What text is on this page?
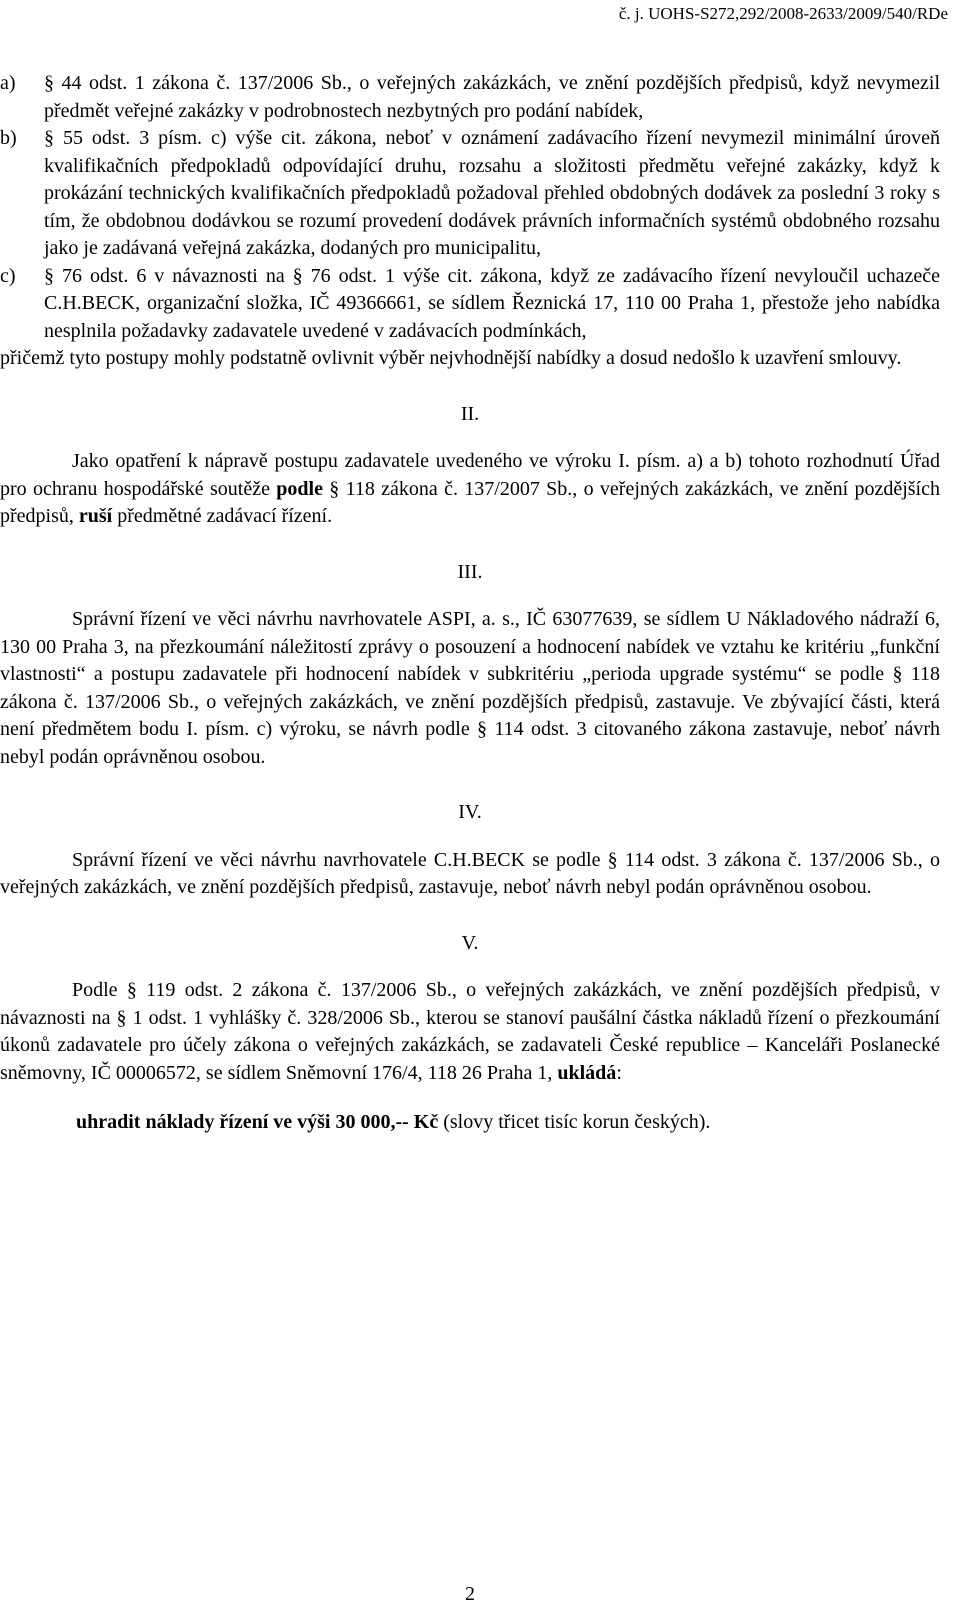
č. j. UOHS-S272,292/2008-2633/2009/540/RDe
a) § 44 odst. 1 zákona č. 137/2006 Sb., o veřejných zakázkách, ve znění pozdějších předpisů, když nevymezil předmět veřejné zakázky v podrobnostech nezbytných pro podání nabídek,
b) § 55 odst. 3 písm. c) výše cit. zákona, neboť v oznámení zadávacího řízení nevymezil minimální úroveň kvalifikačních předpokladů odpovídající druhu, rozsahu a složitosti předmětu veřejné zakázky, když k prokázání technických kvalifikačních předpokladů požadoval přehled obdobných dodávek za poslední 3 roky s tím, že obdobnou dodávkou se rozumí provedení dodávek právních informačních systémů obdobného rozsahu jako je zadávaná veřejná zakázka, dodaných pro municipalitu,
c) § 76 odst. 6 v návaznosti na § 76 odst. 1 výše cit. zákona, když ze zadávacího řízení nevyloučil uchazeče C.H.BECK, organizační složka, IČ 49366661, se sídlem Řeznická 17, 110 00 Praha 1, přestože jeho nabídka nesplnila požadavky zadavatele uvedené v zadávacích podmínkách,
přičemž tyto postupy mohly podstatně ovlivnit výběr nejvhodnější nabídky a dosud nedošlo k uzavření smlouvy.
II.
Jako opatření k nápravě postupu zadavatele uvedeného ve výroku I. písm. a) a b) tohoto rozhodnutí Úřad pro ochranu hospodářské soutěže podle § 118 zákona č. 137/2007 Sb., o veřejných zakázkách, ve znění pozdějších předpisů, ruší předmětné zadávací řízení.
III.
Správní řízení ve věci návrhu navrhovatele ASPI, a. s., IČ 63077639, se sídlem U Nákladového nádraží 6, 130 00 Praha 3, na přezkoumání náležitostí zprávy o posouzení a hodnocení nabídek ve vztahu ke kritériu „funkční vlastnosti“ a postupu zadavatele při hodnocení nabídek v subkritériu „perioda upgrade systému“ se podle § 118 zákona č. 137/2006 Sb., o veřejných zakázkách, ve znění pozdějších předpisů, zastavuje. Ve zbývající části, která není předmětem bodu I. písm. c) výroku, se návrh podle § 114 odst. 3 citovaného zákona zastavuje, neboť návrh nebyl podán oprávněnou osobou.
IV.
Správní řízení ve věci návrhu navrhovatele C.H.BECK se podle § 114 odst. 3 zákona č. 137/2006 Sb., o veřejných zakázkách, ve znění pozdějších předpisů, zastavuje, neboť návrh nebyl podán oprávněnou osobou.
V.
Podle § 119 odst. 2 zákona č. 137/2006 Sb., o veřejných zakázkách, ve znění pozdějších předpisů, v návaznosti na § 1 odst. 1 vyhlášky č. 328/2006 Sb., kterou se stanoví paušální částka nákladů řízení o přezkoumání úkonů zadavatele pro účely zákona o veřejných zakázkách, se zadavateli České republice – Kanceláři Poslanecké sněmovny, IČ 00006572, se sídlem Sněmovní 176/4, 118 26 Praha 1, ukládá:
uhradit náklady řízení ve výši 30 000,-- Kč (slovy třicet tisíc korun českých).
2
